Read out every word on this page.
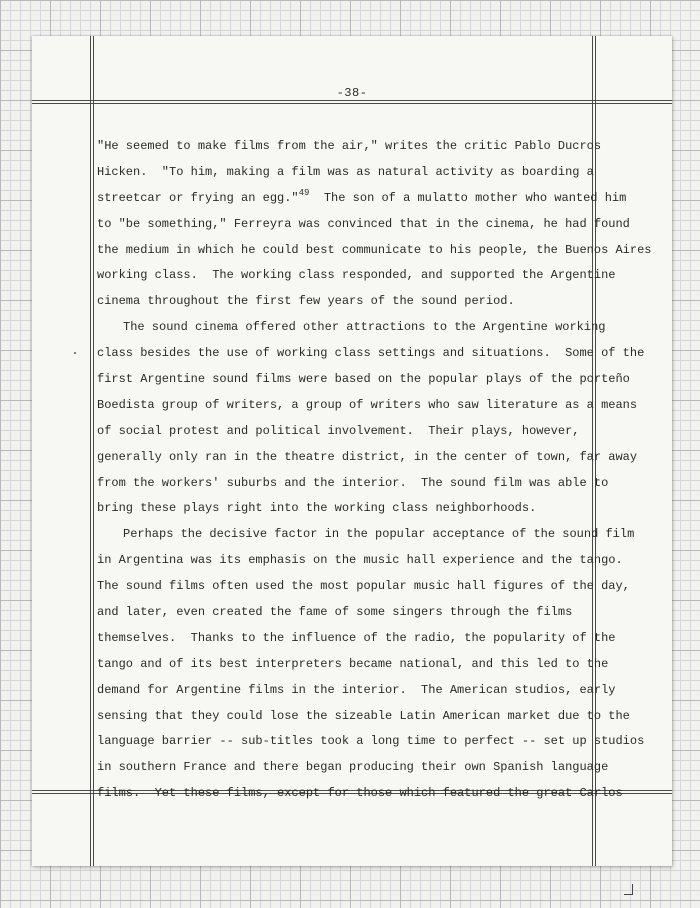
-38-
"He seemed to make films from the air," writes the critic Pablo Ducros
Hicken.  "To him, making a film was as natural activity as boarding a
streetcar or frying an egg."$^{49}$  The son of a mulatto mother who wanted him
to "be something," Ferreyra was convinced that in the cinema, he had found
the medium in which he could best communicate to his people, the Buenos Aires
working class.  The working class responded, and supported the Argentine
cinema throughout the first few years of the sound period.
The sound cinema offered other attractions to the Argentine working
class besides the use of working class settings and situations.  Some of the
first Argentine sound films were based on the popular plays of the porteño
Boedista group of writers, a group of writers who saw literature as a means
of social protest and political involvement.  Their plays, however,
generally only ran in the theatre district, in the center of town, far away
from the workers' suburbs and the interior.  The sound film was able to
bring these plays right into the working class neighborhoods.
Perhaps the decisive factor in the popular acceptance of the sound film
in Argentina was its emphasis on the music hall experience and the tango.
The sound films often used the most popular music hall figures of the day,
and later, even created the fame of some singers through the films
themselves.  Thanks to the influence of the radio, the popularity of the
tango and of its best interpreters became national, and this led to the
demand for Argentine films in the interior.  The American studios, early
sensing that they could lose the sizeable Latin American market due to the
language barrier -- sub-titles took a long time to perfect -- set up studios
in southern France and there began producing their own Spanish language
films.  Yet these films, except for those which featured the great Carlos
